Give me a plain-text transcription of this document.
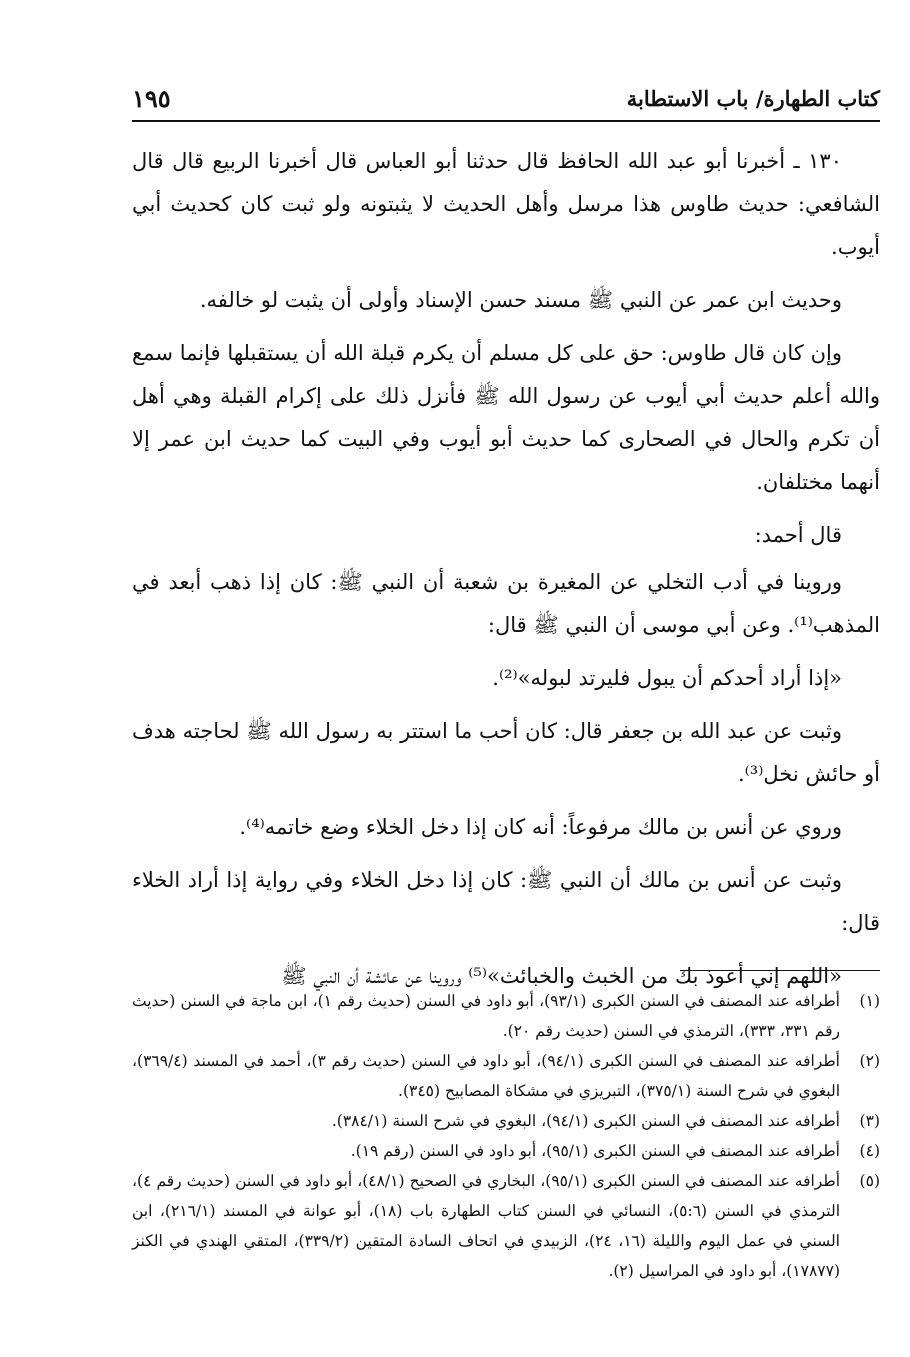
كتاب الطهارة/ باب الاستطابة
١٩٥

١٣٠ ـ أخبرنا أبو عبد الله الحافظ قال حدثنا أبو العباس قال أخبرنا الربيع قال قال الشافعي: حديث طاوس هذا مرسل وأهل الحديث لا يثبتونه ولو ثبت كان كحديث أبي أيوب.

وحديث ابن عمر عن النبي ﷺ مسند حسن الإسناد وأولى أن يثبت لو خالفه.

وإن كان قال طاوس: حق على كل مسلم أن يكرم قبلة الله أن يستقبلها فإنما سمع والله أعلم حديث أبي أيوب عن رسول الله ﷺ فأنزل ذلك على إكرام القبلة وهي أهل أن تكرم والحال في الصحارى كما حديث أبو أيوب وفي البيت كما حديث ابن عمر إلا أنهما مختلفان.

قال أحمد:

وروينا في أدب التخلي عن المغيرة بن شعبة أن النبي ﷺ: كان إذا ذهب أبعد في المذهب⁽¹⁾. وعن أبي موسى أن النبي ﷺ قال:

«إذا أراد أحدكم أن يبول فليرتد لبوله»⁽²⁾.

وثبت عن عبد الله بن جعفر قال: كان أحب ما استتر به رسول الله ﷺ لحاجته هدف أو حائش نخل⁽³⁾.

وروي عن أنس بن مالك مرفوعاً: أنه كان إذا دخل الخلاء وضع خاتمه⁽⁴⁾.

وثبت عن أنس بن مالك أن النبي ﷺ: كان إذا دخل الخلاء وفي رواية إذا أراد الخلاء قال:

«اللهم إني أعوذ بك من الخبث والخبائث»⁽⁵⁾ وروينا عن عائشة أن النبي ﷺ

(١)
أطرافه عند المصنف في السنن الكبرى (٩٣/١)، أبو داود في السنن (حديث رقم ١)، ابن ماجة في السنن (حديث رقم ٣٣١، ٣٣٣)، الترمذي في السنن (حديث رقم ٢٠).
(٢)
أطرافه عند المصنف في السنن الكبرى (٩٤/١)، أبو داود في السنن (حديث رقم ٣)، أحمد في المسند (٣٦٩/٤)، البغوي في شرح السنة (٣٧٥/١)، التبريزي في مشكاة المصابيح (٣٤٥).
(٣)
أطرافه عند المصنف في السنن الكبرى (٩٤/١)، البغوي في شرح السنة (٣٨٤/١).
(٤)
أطرافه عند المصنف في السنن الكبرى (٩٥/١)، أبو داود في السنن (رقم ١٩).
(٥)
أطرافه عند المصنف في السنن الكبرى (٩٥/١)، البخاري في الصحيح (٤٨/١)، أبو داود في السنن (حديث رقم ٤)، الترمذي في السنن (٥:٦)، النسائي في السنن كتاب الطهارة باب (١٨)، أبو عوانة في المسند (٢١٦/١)، ابن السني في عمل اليوم والليلة (١٦، ٢٤)، الزبيدي في اتحاف السادة المتقين (٣٣٩/٢)، المتقي الهندي في الكنز (١٧٨٧٧)، أبو داود في المراسيل (٢).
